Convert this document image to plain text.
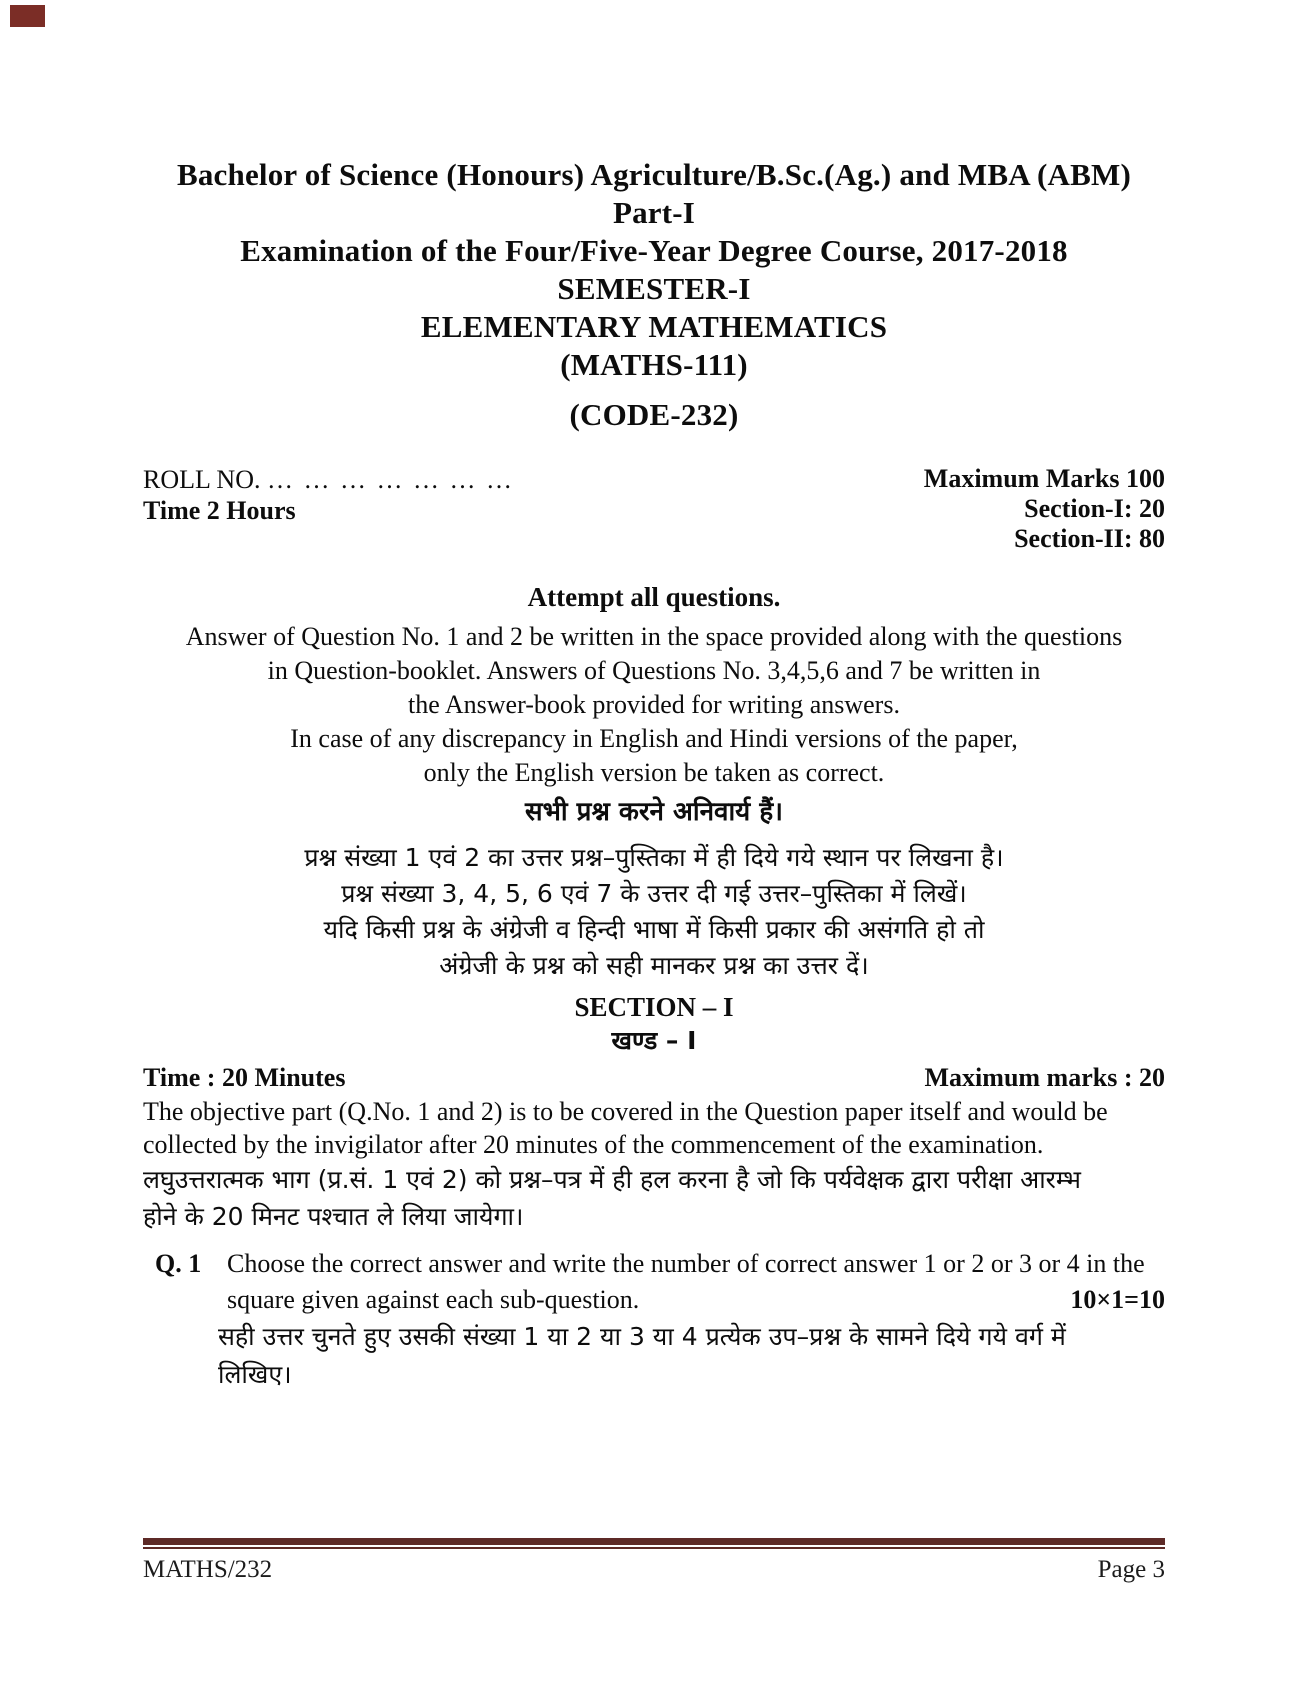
Bachelor of Science (Honours) Agriculture/B.Sc.(Ag.) and MBA (ABM) Part-I
Examination of the Four/Five-Year Degree Course, 2017-2018
SEMESTER-I
ELEMENTARY MATHEMATICS
(MATHS-111)
(CODE-232)
ROLL NO. … … … … … … …
Time 2 Hours
Maximum Marks 100
Section-I: 20
Section-II: 80
Attempt all questions.
Answer of Question No. 1 and 2 be written in the space provided along with the questions
in Question-booklet. Answers of Questions No. 3,4,5,6 and 7 be written in
the Answer-book provided for writing answers.
In case of any discrepancy in English and Hindi versions of the paper,
only the English version be taken as correct.
सभी प्रश्न करने अनिवार्य हैं।
प्रश्न संख्या 1 एवं 2 का उत्तर प्रश्न–पुस्तिका में ही दिये गये स्थान पर लिखना है।
प्रश्न संख्या 3, 4, 5, 6 एवं 7 के उत्तर दी गई उत्तर–पुस्तिका में लिखें।
यदि किसी प्रश्न के अंग्रेजी व हिन्दी भाषा में किसी प्रकार की असंगति हो तो
अंग्रेजी के प्रश्न को सही मानकर प्रश्न का उत्तर दें।
SECTION – I
खण्ड – I
Time : 20 Minutes	Maximum marks : 20
The objective part (Q.No. 1 and 2) is to be covered in the Question paper itself and would be collected by the invigilator after 20 minutes of the commencement of the examination.
लघुउत्तरात्मक भाग (प्र.सं. 1 एवं 2) को प्रश्न–पत्र में ही हल करना है जो कि पर्यवेक्षक द्वारा परीक्षा आरम्भ
होने के 20 मिनट पश्चात ले लिया जायेगा।
Q. 1 Choose the correct answer and write the number of correct answer 1 or 2 or 3 or 4 in the
square given against each sub-question.	10×1=10
सही उत्तर चुनते हुए उसकी संख्या 1 या 2 या 3 या 4 प्रत्येक उप–प्रश्न के सामने दिये गये वर्ग में
लिखिए।
MATHS/232	Page 3
